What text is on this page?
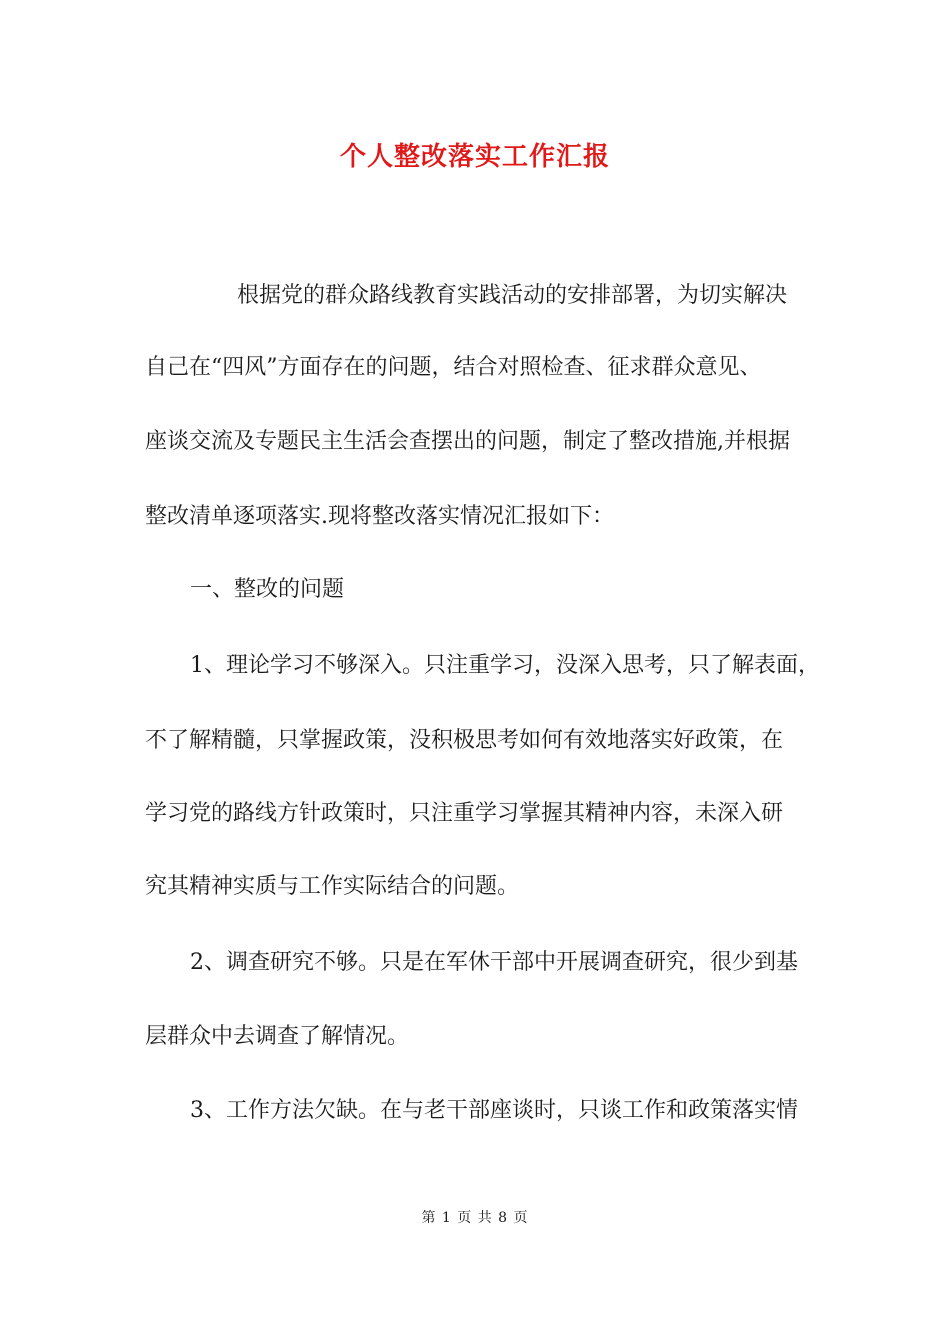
个人整改落实工作汇报
根据党的群众路线教育实践活动的安排部署，为切实解决
自己在“四风”方面存在的问题，结合对照检查、征求群众意见、
座谈交流及专题民主生活会查摆出的问题，制定了整改措施,并根据
整改清单逐项落实.现将整改落实情况汇报如下：
一、整改的问题
1、理论学习不够深入。只注重学习，没深入思考，只了解表面，
不了解精髓，只掌握政策，没积极思考如何有效地落实好政策，在
学习党的路线方针政策时，只注重学习掌握其精神内容，未深入研
究其精神实质与工作实际结合的问题。
2、调查研究不够。只是在军休干部中开展调查研究，很少到基
层群众中去调查了解情况。
3、工作方法欠缺。在与老干部座谈时，只谈工作和政策落实情
第 1 页 共 8 页
